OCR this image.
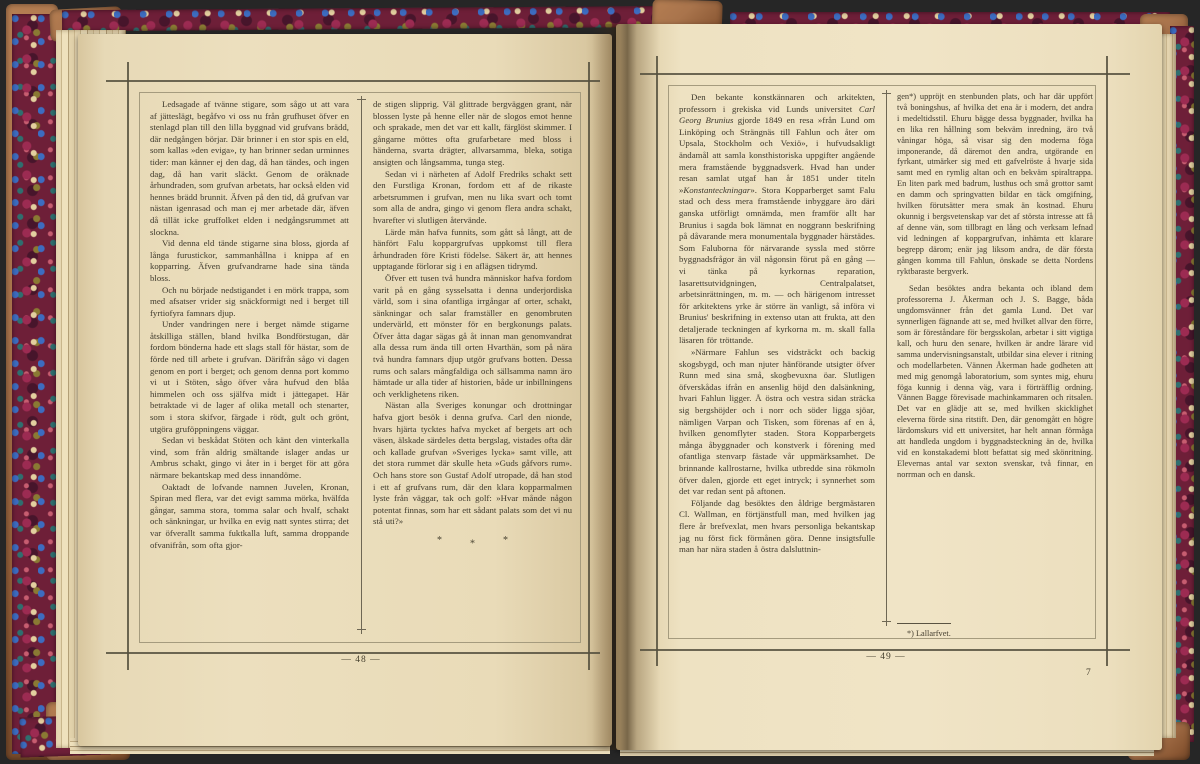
Ledsagade af tvänne stigare, som sågo ut att vara af jätteslägt, begåfvo vi oss nu från grufhuset öfver en stenlagd plan till den lilla byggnad vid grufvans brädd, där nedgången börjar. Där brinner i en stor spis en eld, som kallas »den eviga», ty han brinner sedan urminnes tider: man känner ej den dag, då han tändes, och ingen dag, då han varit släckt. Genom de oräknade århundraden, som grufvan arbetats, har också elden vid hennes brädd brunnit. Äfven på den tid, då grufvan var nästan igenrasad och man ej mer arbetade där, äfven då tillät icke gruffolket elden i nedgångsrummet att slockna.

Vid denna eld tände stigarne sina bloss, gjorda af långa furustickor, sammanhållna i knippa af en kopparring. Äfven grufvandrarne hade sina tända bloss.

Och nu började nedstigandet i en mörk trappa, som med afsatser vrider sig snäckformigt ned i berget till fyrtiofyra famnars djup.

Under vandringen nere i berget nämde stigarne åtskilliga ställen, bland hvilka Bondförstugan, där fordom bönderna hade ett slags stall för hästar, som de förde ned till arbete i grufvan. Därifrån sågo vi dagen genom en port i berget; och genom denna port kommo vi ut i Stöten, sågo öfver våra hufvud den blåa himmelen och oss själfva midt i jättegapet. Här betraktade vi de lager af olika metall och stenarter, som i stora skifvor, färgade i rödt, gult och grönt, utgöra gruföppningens väggar.

Sedan vi beskådat Stöten och känt den vinterkalla vind, som från aldrig smältande islager andas ur Ambrus schakt, gingo vi åter in i berget för att göra närmare bekantskap med dess innandöme.

Oaktadt de lofvande namnen Juvelen, Kronan, Spiran med flera, var det evigt samma mörka, hvälfda gångar, samma stora, tomma salar och hvalf, schakt och sänkningar, ur hvilka en evig natt syntes stirra; det var öfverallt samma fuktkalla luft, samma droppande ofvanifrån, som ofta gjor-

de stigen slipprig. Väl glittrade bergväggen grant, när blossen lyste på henne eller när de slogos emot henne och sprakade, men det var ett kallt, färglöst skimmer. I gångarne möttes ofta grufarbetare med bloss i händerna, svarta drägter, allvarsamma, bleka, sotiga ansigten och långsamma, tunga steg.

Sedan vi i närheten af Adolf Fredriks schakt sett den Furstliga Kronan, fordom ett af de rikaste arbetsrummen i grufvan, men nu lika svart och tomt som alla de andra, gingo vi genom flera andra schakt, hvarefter vi slutligen återvände.

Lärde män hafva funnits, som gått så långt, att de hänfört Falu koppargrufvas uppkomst till flera århundraden före Kristi födelse. Säkert är, att hennes upptagande förlorar sig i en aflägsen tidrymd.

Öfver ett tusen två hundra människor hafva fordom varit på en gång sysselsatta i denna underjordiska värld, som i sina ofantliga irrgångar af orter, schakt, sänkningar och salar framställer en genombruten undervärld, ett mönster för en bergkonungs palats. Öfver åtta dagar sägas gå åt innan man genomvandrat alla dessa rum ända till orten Hvarthän, som på nära två hundra famnars djup utgör grufvans botten. Dessa rums och salars mångfaldiga och sällsamma namn äro hämtade ur alla tider af historien, både ur inbillningens och verklighetens riken.

Nästan alla Sveriges konungar och drottningar hafva gjort besök i denna grufva. Carl den nionde, hvars hjärta tycktes hafva mycket af bergets art och väsen, älskade särdeles detta bergslag, vistades ofta där och kallade grufvan »Sveriges lycka» samt ville, att det stora rummet där skulle heta »Guds gåfvors rum». Och hans store son Gustaf Adolf utropade, då han stod i ett af grufvans rum, där den klara kopparmalmen lyste från väggar, tak och golf: »Hvar månde någon potentat finnas, som har ett sådant palats som det vi nu stå uti?»

*	*	*
— 48 —

Den bekante konstkännaren och arkitekten, professorn i grekiska vid Lunds universitet Carl Georg Brunius gjorde 1849 en resa »från Lund om Linköping och Strängnäs till Fahlun och åter om Upsala, Stockholm och Vexiö», i hufvudsakligt ändamål att samla konsthistoriska uppgifter angående mera framstående byggnadsverk. Hvad han under resan samlat utgaf han år 1851 under titeln »Konstanteckningar». Stora Kopparberget samt Falu stad och dess mera framstående inbyggare äro däri ganska utförligt omnämda, men framför allt har Brunius i sagda bok lämnat en noggrann beskrifning på dåvarande mera monumentala byggnader härstädes. Som Faluborna för närvarande syssla med större byggnadsfrågor än väl någonsin förut på en gång — vi tänka på kyrkornas reparation, lasarettsutvidgningen, Centralpalatset, arbetsinrättningen, m. m. — och härigenom intresset för arkitektens yrke är större än vanligt, så införa vi Brunius' beskrifning in extenso utan att frukta, att den detaljerade teckningen af kyrkorna m. m. skall falla läsaren för tröttande.

»Närmare Fahlun ses vidsträckt och backig skogsbygd, och man njuter hänförande utsigter öfver Runn med sina små, skogbevuxna öar. Slutligen öfverskådas ifrån en ansenlig höjd den dalsänkning, hvari Fahlun ligger. Å östra och vestra sidan sträcka sig bergshöjder och i norr och söder ligga sjöar, nämligen Varpan och Tisken, som förenas af en å, hvilken genomflyter staden. Stora Kopparbergets många åbyggnader och konstverk i förening med ofantliga stenvarp fästade vår uppmärksamhet. De brinnande kallrostarne, hvilka utbredde sina rökmoln öfver dalen, gjorde ett eget intryck; i synnerhet som det var redan sent på aftonen.

Följande dag besöktes den åldrige bergmästaren Cl. Wallman, en förtjänstfull man, med hvilken jag flere år brefvexlat, men hvars personliga bekantskap jag nu först fick förmånen göra. Denne insigtsfulle man har nära staden å östra dalsluttnin-

gen*) uppröjt en stenbunden plats, och har där uppfört två boningshus, af hvilka det ena är i modern, det andra i medeltidsstil. Ehuru bägge dessa byggnader, hvilka ha en lika ren hållning som bekväm inredning, äro två våningar höga, så visar sig den moderna föga imponerande, då däremot den andra, utgörande en fyrkant, utmärker sig med ett gafvelröste å hvarje sida samt med en rymlig altan och en bekväm spiraltrappa. En liten park med badrum, lusthus och små grottor samt en damm och springvatten bildar en täck omgifning, hvilken förutsätter mera smak än kostnad. Ehuru okunnig i bergsvetenskap var det af största intresse att få af denne vän, som tillbragt en lång och verksam lefnad vid ledningen af koppargrufvan, inhämta ett klarare begrepp därom; enär jag liksom andra, de där första gången komma till Fahlun, önskade se detta Nordens ryktbaraste bergverk.

Sedan besöktes andra bekanta och ibland dem professorerna J. Åkerman och J. S. Bagge, båda ungdomsvänner från det gamla Lund. Det var synnerligen fägnande att se, med hvilket allvar den förre, som är föreståndare för bergsskolan, arbetar i sitt vigtiga kall, och huru den senare, hvilken är andre lärare vid samma undervisningsanstalt, utbildar sina elever i ritning och modellarbeten. Vännen Åkerman hade godheten att med mig genomgå laboratorium, som syntes mig, ehuru föga kunnig i denna väg, vara i förträfflig ordning. Vännen Bagge förevisade machinkammaren och ritsalen. Det var en glädje att se, med hvilken skicklighet eleverna förde sina ritstift. Den, där genomgått en högre lärdomskurs vid ett universitet, har helt annan förmåga att handleda ungdom i byggnadsteckning än de, hvilka vid en konstakademi blott befattat sig med skönritning. Elevernas antal var sexton svenskar, två finnar, en norrman och en dansk.

*) Lallarfvet.
— 49 —
7
